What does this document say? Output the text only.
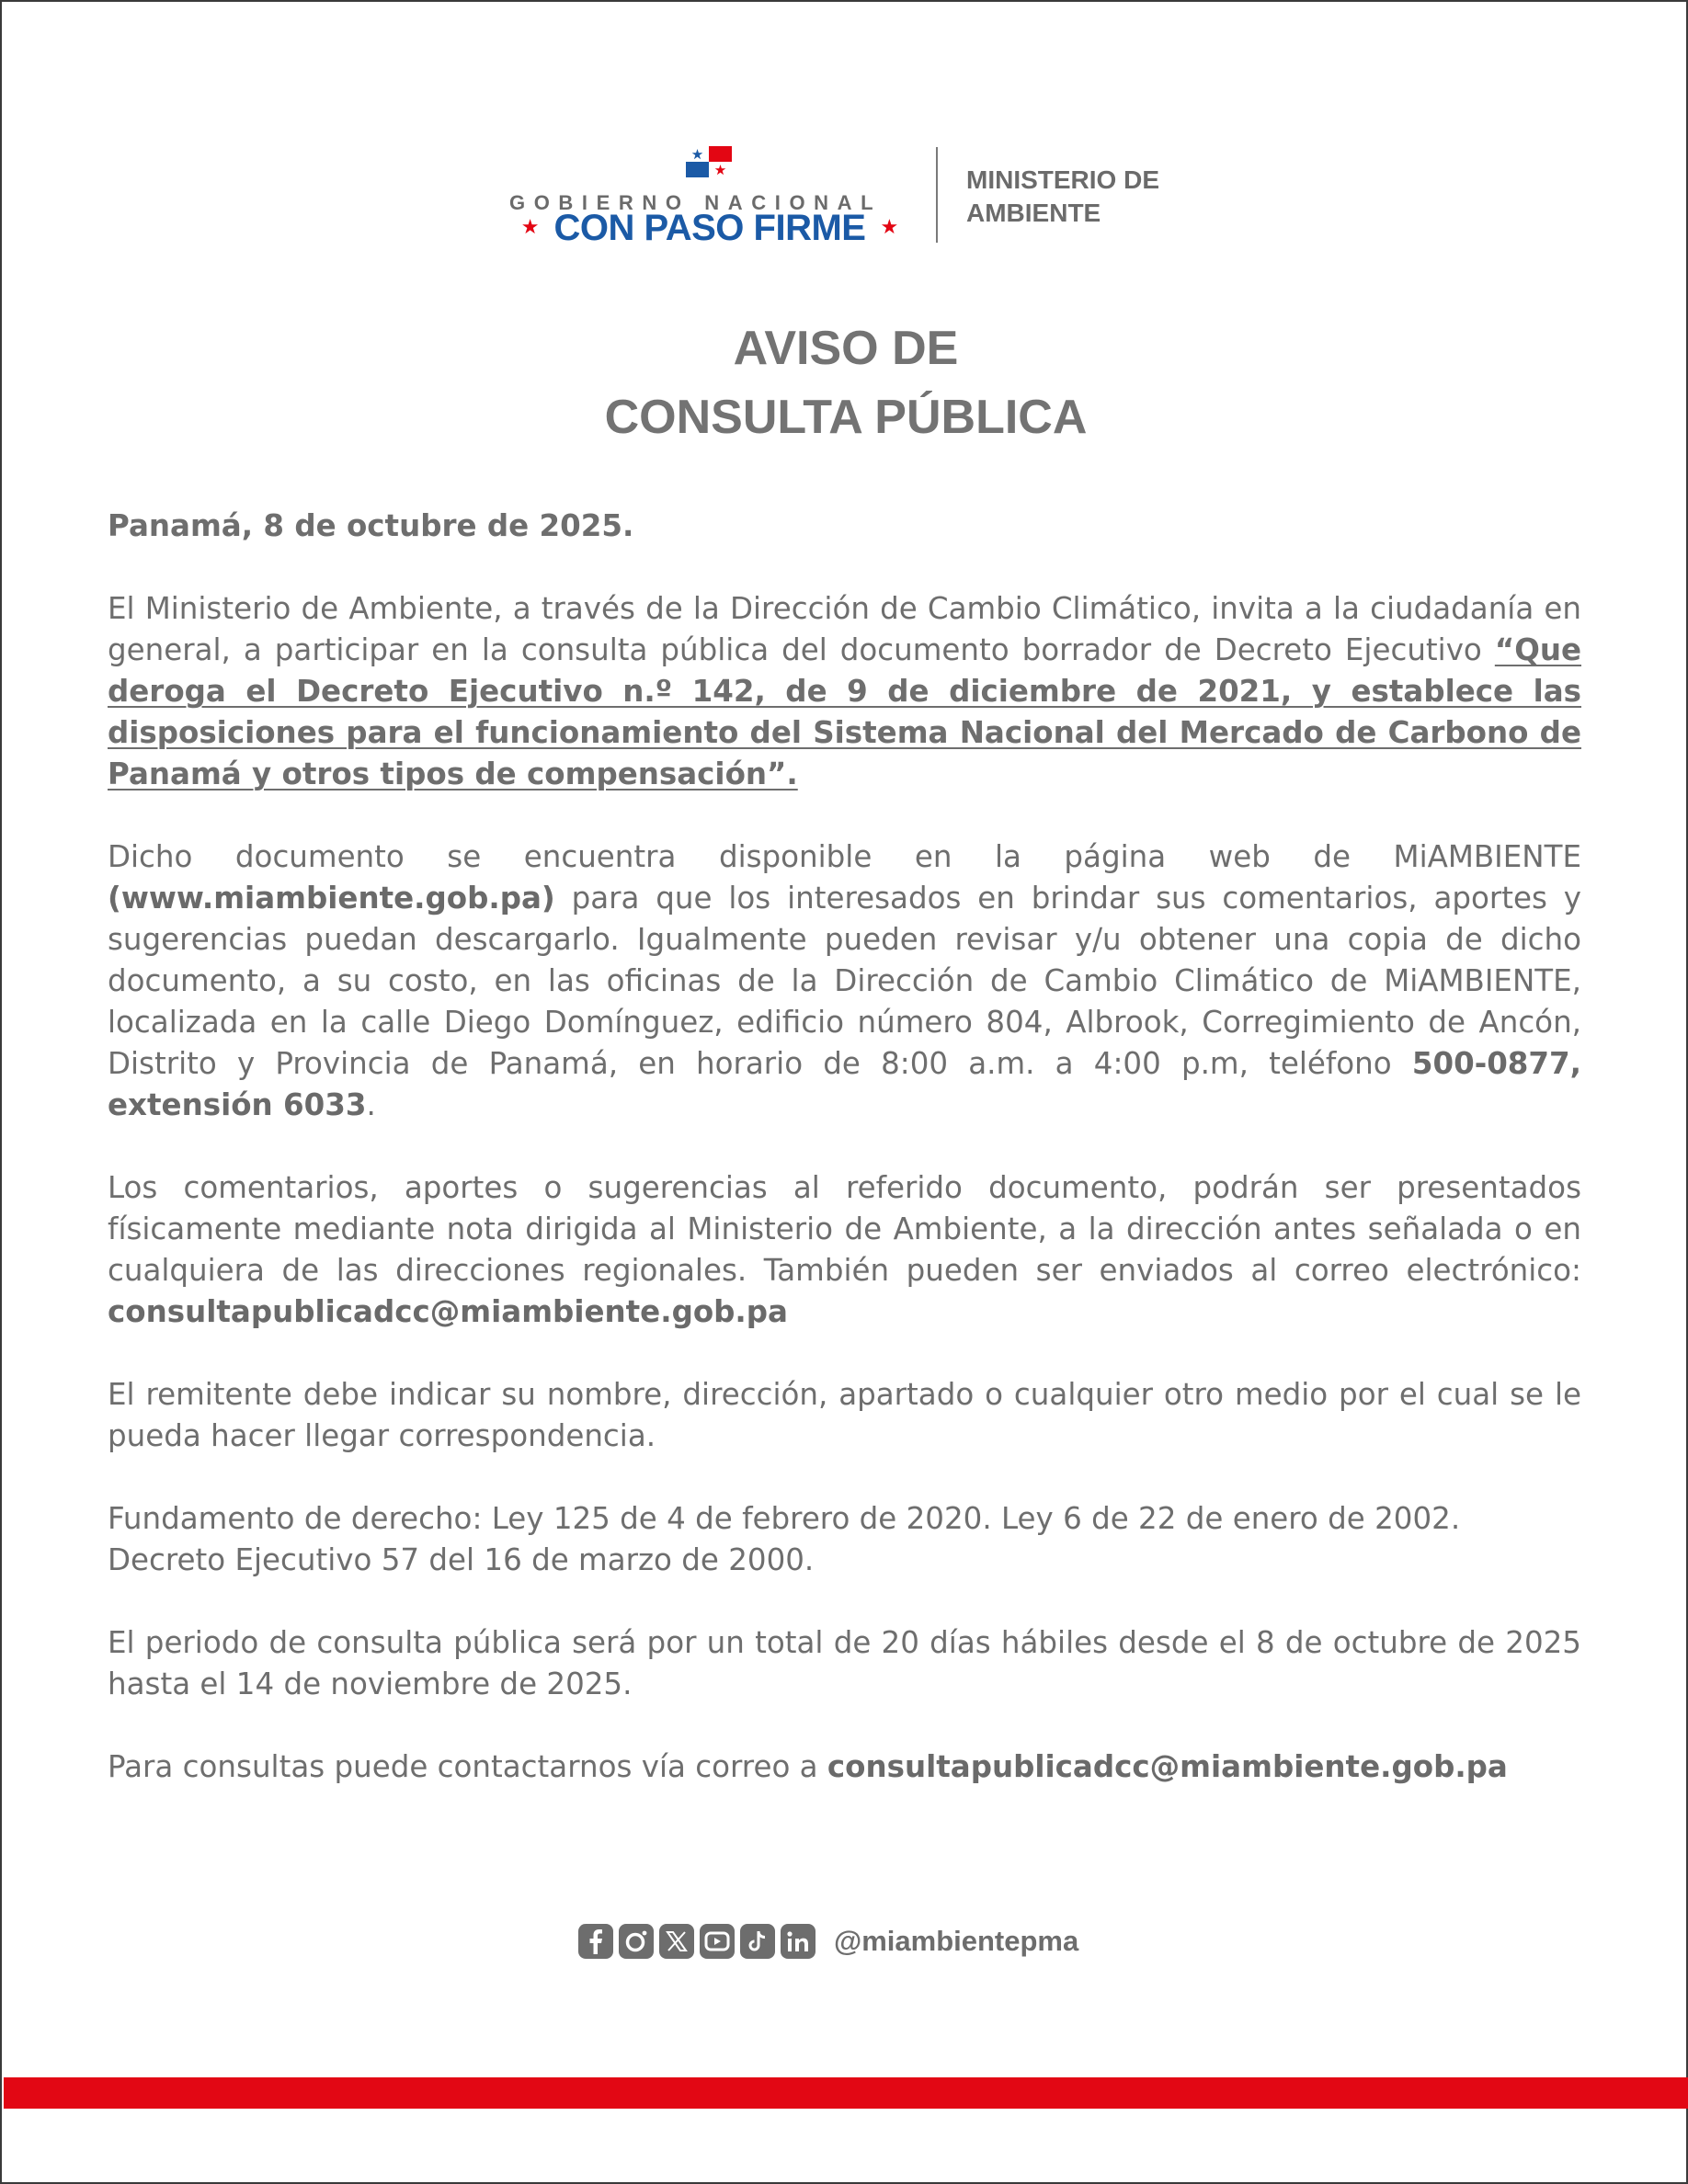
GOBIERNO NACIONAL
★ CON PASO FIRME ★
MINISTERIO DE
AMBIENTE
AVISO DE
CONSULTA PÚBLICA

Panamá, 8 de octubre de 2025.

El Ministerio de Ambiente, a través de la Dirección de Cambio Climático, invita a la ciudadanía en general, a participar en la consulta pública del documento borrador de Decreto Ejecutivo “Que deroga el Decreto Ejecutivo n.º 142, de 9 de diciembre de 2021, y establece las disposiciones para el funcionamiento del Sistema Nacional del Mercado de Carbono de Panamá y otros tipos de compensación”.

Dicho documento se encuentra disponible en la página web de MiAMBIENTE (www.miambiente.gob.pa) para que los interesados en brindar sus comentarios, aportes y sugerencias puedan descargarlo. Igualmente pueden revisar y/u obtener una copia de dicho documento, a su costo, en las oficinas de la Dirección de Cambio Climático de MiAMBIENTE, localizada en la calle Diego Domínguez, edificio número 804, Albrook, Corregimiento de Ancón, Distrito y Provincia de Panamá, en horario de 8:00 a.m. a 4:00 p.m, teléfono 500-0877, extensión 6033.

Los comentarios, aportes o sugerencias al referido documento, podrán ser presentados físicamente mediante nota dirigida al Ministerio de Ambiente, a la dirección antes señalada o en cualquiera de las direcciones regionales. También pueden ser enviados al correo electrónico: consultapublicadcc@miambiente.gob.pa

El remitente debe indicar su nombre, dirección, apartado o cualquier otro medio por el cual se le pueda hacer llegar correspondencia.

Fundamento de derecho: Ley 125 de 4 de febrero de 2020. Ley 6 de 22 de enero de 2002. Decreto Ejecutivo 57 del 16 de marzo de 2000.

El periodo de consulta pública será por un total de 20 días hábiles desde el 8 de octubre de 2025 hasta el 14 de noviembre de 2025.

Para consultas puede contactarnos vía correo a consultapublicadcc@miambiente.gob.pa

@miambientepma
